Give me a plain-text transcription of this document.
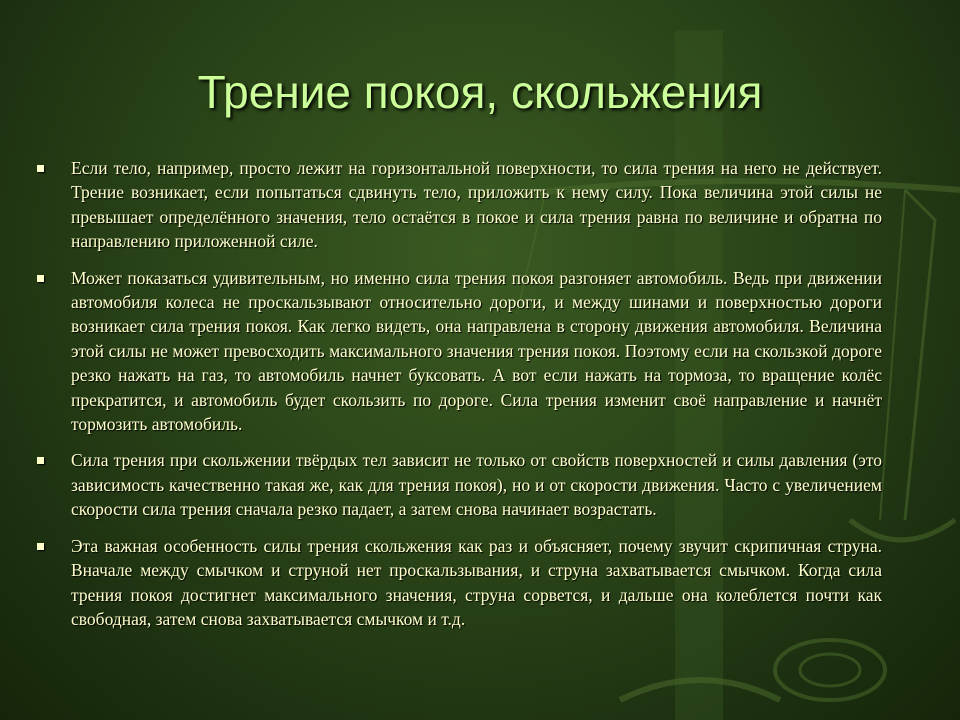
Трение покоя, скольжения
Если тело, например, просто лежит на горизонтальной поверхности, то сила трения на него не действует. Трение возникает, если попытаться сдвинуть тело, приложить к нему силу. Пока величина этой силы не превышает определённого значения, тело остаётся в покое и сила трения равна по величине и обратна по направлению приложенной силе.
Может показаться удивительным, но именно сила трения покоя разгоняет автомобиль. Ведь при движении автомобиля колеса не проскальзывают относительно дороги, и между шинами и поверхностью дороги возникает сила трения покоя. Как легко видеть, она направлена в сторону движения автомобиля. Величина этой силы не может превосходить максимального значения трения покоя. Поэтому если на скользкой дороге резко нажать на газ, то автомобиль начнет буксовать. А вот если нажать на тормоза, то вращение колёс прекратится, и автомобиль будет скользить по дороге. Сила трения изменит своё направление и начнёт тормозить автомобиль.
Сила трения при скольжении твёрдых тел зависит не только от свойств поверхностей и силы давления (это зависимость качественно такая же, как для трения покоя), но и от скорости движения. Часто с увеличением скорости сила трения сначала резко падает, а затем снова начинает возрастать.
Эта важная особенность силы трения скольжения как раз и объясняет, почему звучит скрипичная струна. Вначале между смычком и струной нет проскальзывания, и струна захватывается смычком. Когда сила трения покоя достигнет максимального значения, струна сорвется, и дальше она колеблется почти как свободная, затем снова захватывается смычком и т.д.
